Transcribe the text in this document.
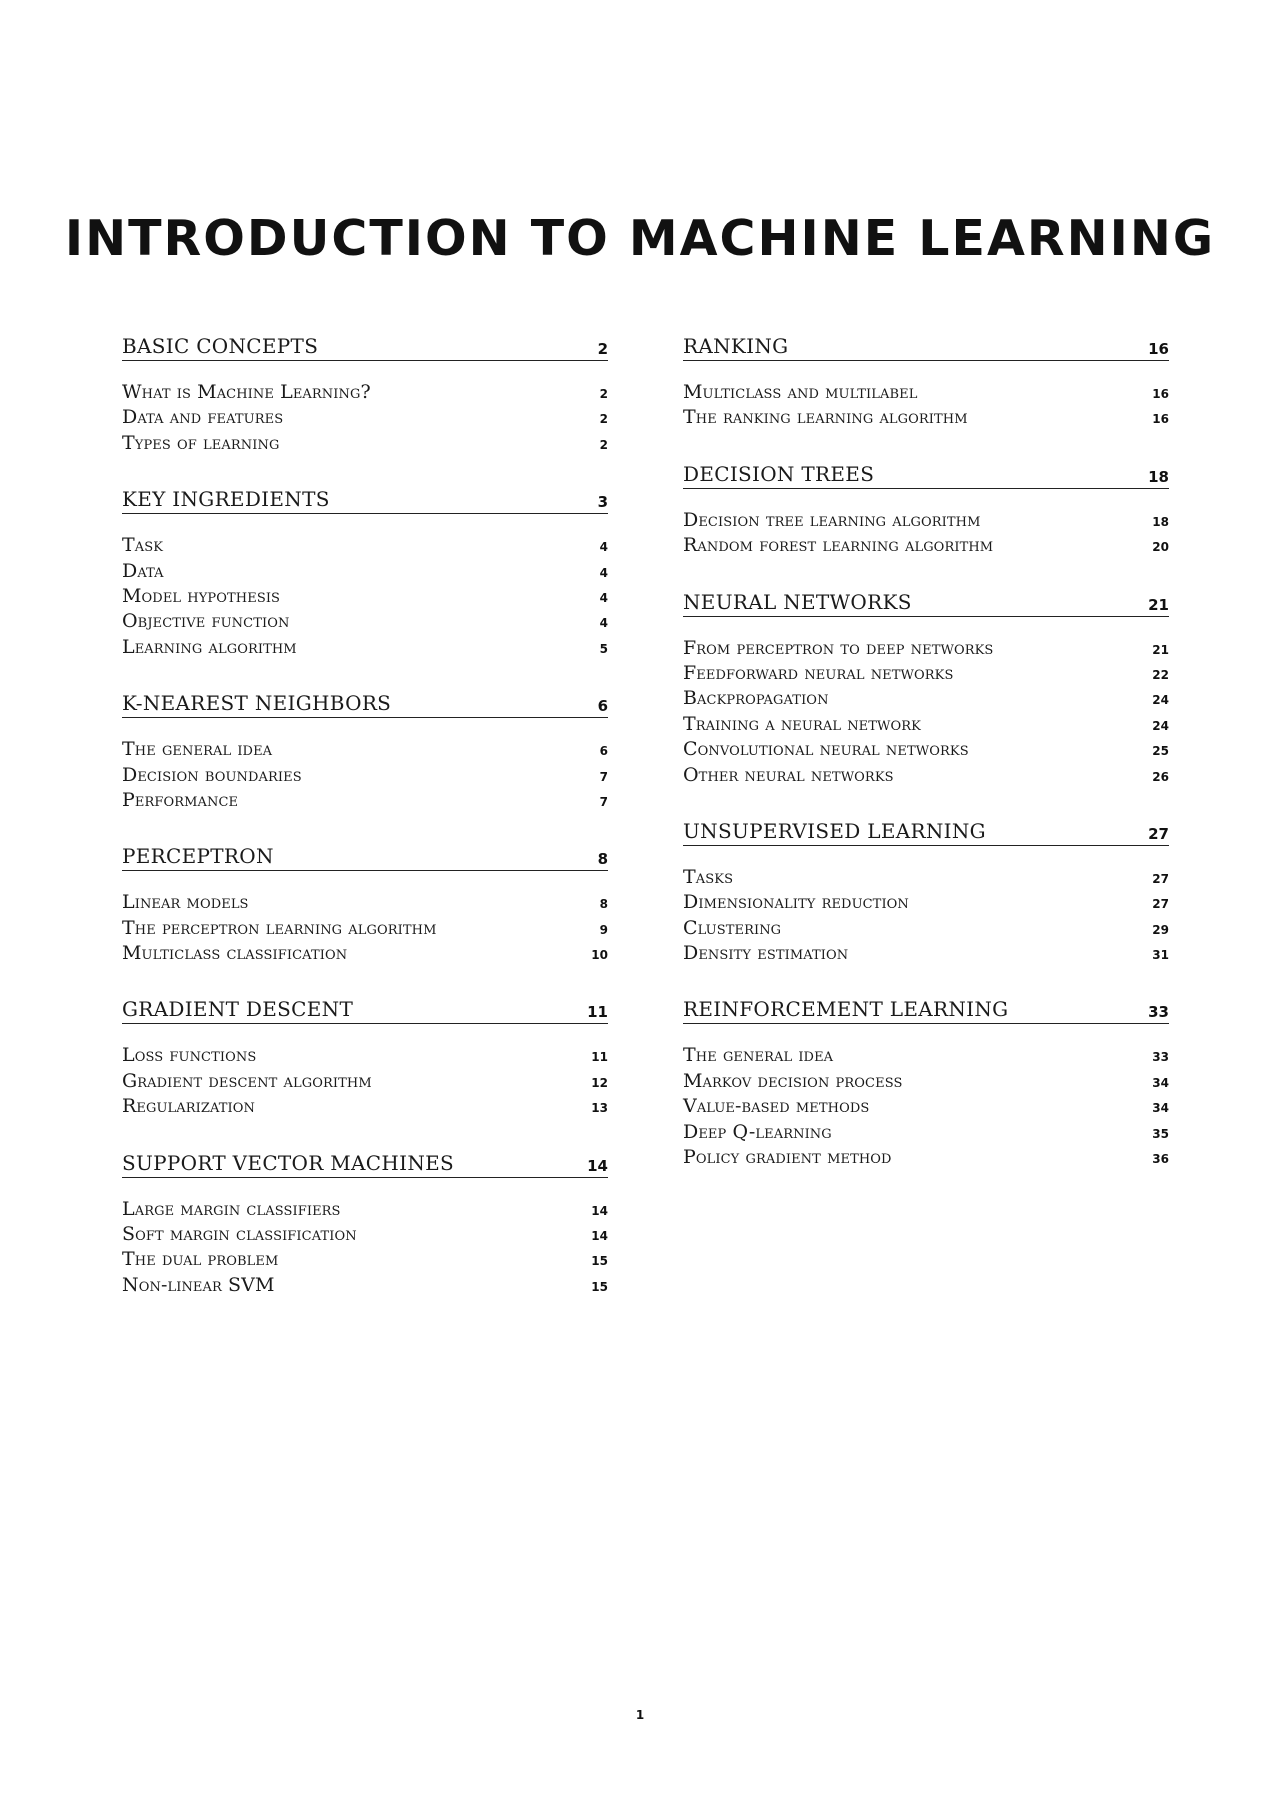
INTRODUCTION TO MACHINE LEARNING
BASIC CONCEPTS	2
What is Machine Learning?	2
Data and features	2
Types of learning	2
KEY INGREDIENTS	3
Task	4
Data	4
Model hypothesis	4
Objective function	4
Learning algorithm	5
K-NEAREST NEIGHBORS	6
The general idea	6
Decision boundaries	7
Performance	7
PERCEPTRON	8
Linear models	8
The perceptron learning algorithm	9
Multiclass classification	10
GRADIENT DESCENT	11
Loss functions	11
Gradient descent algorithm	12
Regularization	13
SUPPORT VECTOR MACHINES	14
Large margin classifiers	14
Soft margin classification	14
The dual problem	15
Non-linear SVM	15
RANKING	16
Multiclass and multilabel	16
The ranking learning algorithm	16
DECISION TREES	18
Decision tree learning algorithm	18
Random forest learning algorithm	20
NEURAL NETWORKS	21
From perceptron to deep networks	21
Feedforward neural networks	22
Backpropagation	24
Training a neural network	24
Convolutional neural networks	25
Other neural networks	26
UNSUPERVISED LEARNING	27
Tasks	27
Dimensionality reduction	27
Clustering	29
Density estimation	31
REINFORCEMENT LEARNING	33
The general idea	33
Markov decision process	34
Value-based methods	34
Deep Q-learning	35
Policy gradient method	36
1
